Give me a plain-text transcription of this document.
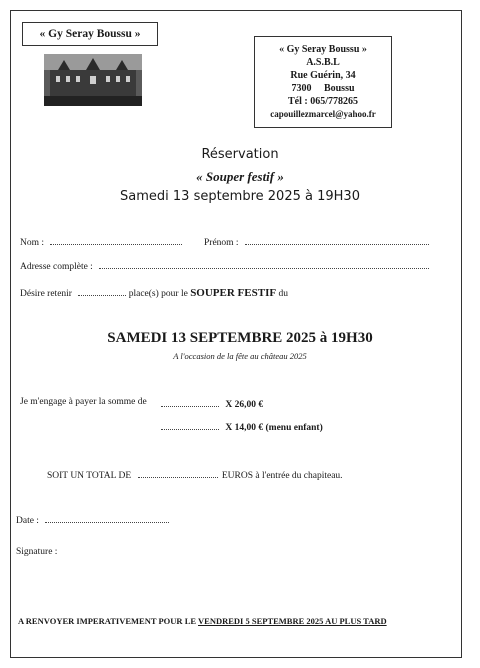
« Gy Seray Boussu »
« Gy Seray Boussu »
A.S.B.L
Rue Guérin, 34
7300     Boussu
Tél : 065/778265
capouillezmarcel@yahoo.fr
Réservation
« Souper festif »
Samedi 13 septembre 2025 à 19H30
Nom :	Prénom :
Adresse complète :
Désire retenir	place(s) pour le SOUPER FESTIF du
SAMEDI 13 SEPTEMBRE 2025 à 19H30
A l'occasion de la fête au château 2025
Je m'engage à payer la somme de	X 26,00 €
X 14,00 € (menu enfant)
SOIT UN TOTAL DE	EUROS à l'entrée du chapiteau.
Date :
Signature :
A RENVOYER IMPERATIVEMENT POUR LE VENDREDI 5 SEPTEMBRE 2025 AU PLUS TARD
